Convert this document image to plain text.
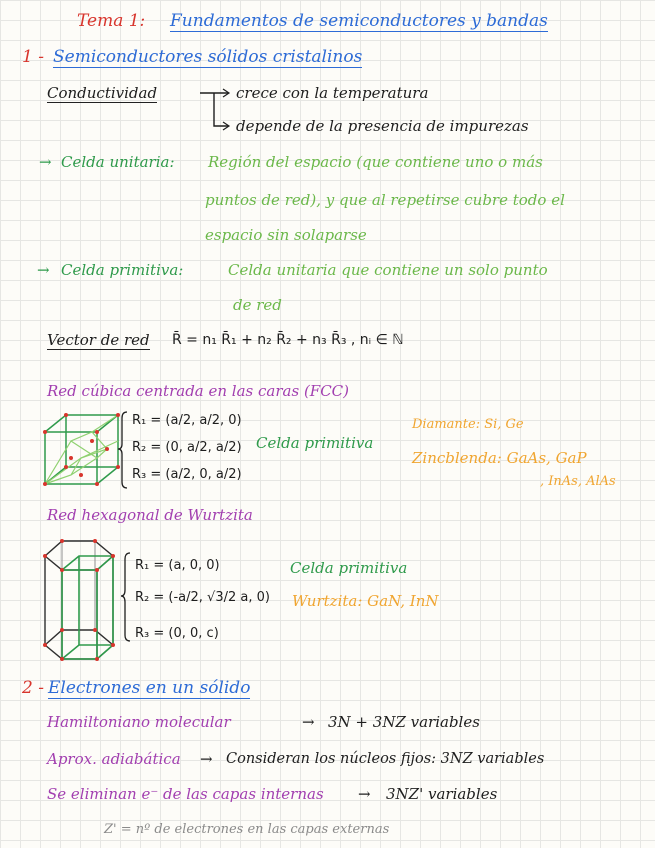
Tema 1: Fundamentos de semiconductores y bandas
1 - Semiconductores sólidos cristalinos
Conductividad	crece con la temperatura
depende de la presencia de impurezas
→ Celda unitaria: Región del espacio (que contiene uno o más
puntos de red), y que al repetirse cubre todo el
espacio sin solaparse
→ Celda primitiva:	Celda unitaria que contiene un solo punto
de red
Vector de red R̄ = n₁ R̄₁ + n₂ R̄₂ + n₃ R̄₃ , nᵢ ∈ ℕ
Red cúbica centrada en las caras (FCC)
R₁ = (a/2, a/2, 0)
R₂ = (0, a/2, a/2)
R₃ = (a/2, 0, a/2)
Celda primitiva
Diamante: Si, Ge
Zincblenda: GaAs, GaP
, InAs, AlAs
Red hexagonal de Wurtzita
R₁ = (a, 0, 0)
R₂ = (-a/2, √3/2 a, 0)
R₃ = (0, 0, c)
Celda primitiva
Wurtzita: GaN, InN
2 - Electrones en un sólido
Hamiltoniano molecular	→ 3N + 3NZ variables
Aprox. adiabática → Consideran los núcleos fijos: 3NZ variables
Se eliminan e⁻ de las capas internas → 3NZ' variables
Z' = nº de electrones en las capas externas
